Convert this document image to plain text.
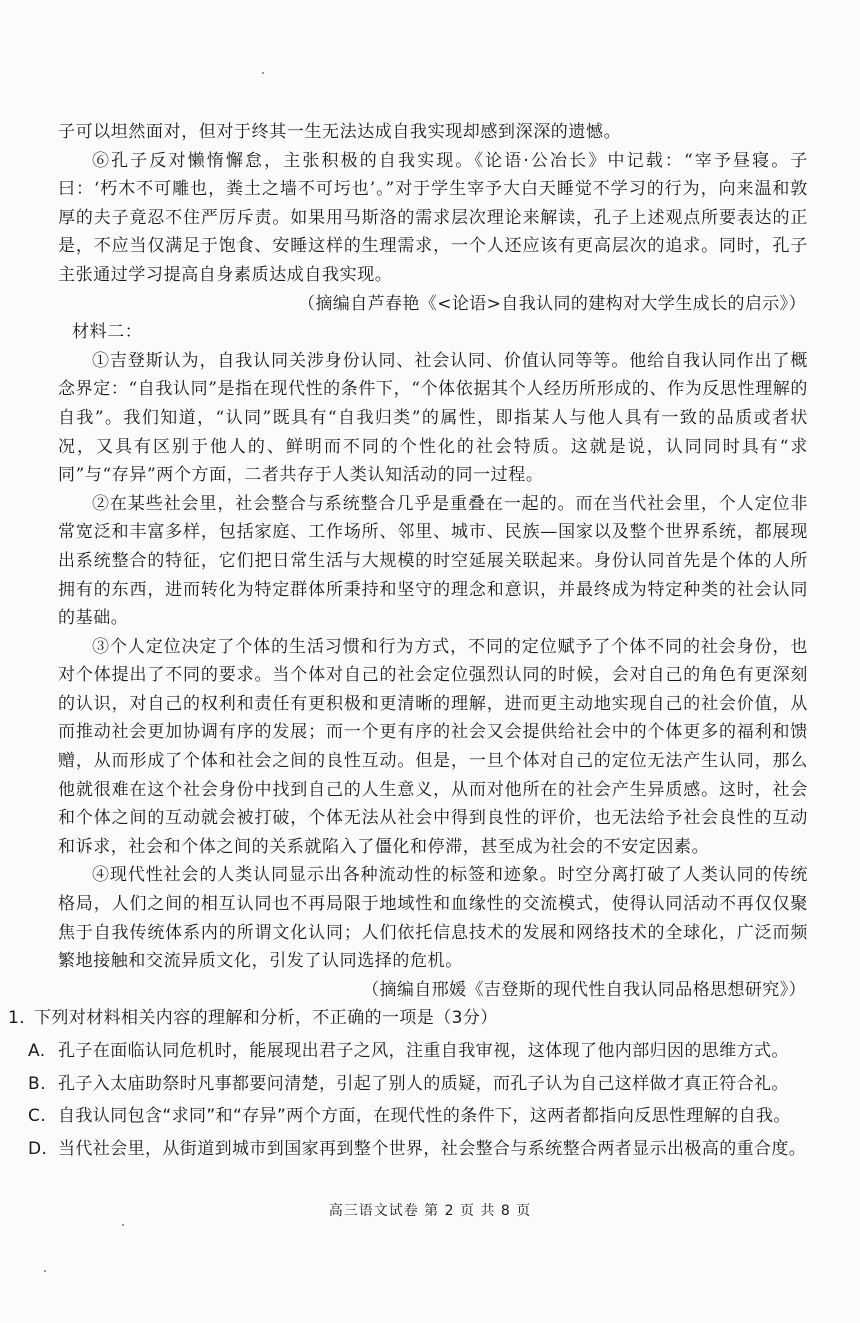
子可以坦然面对，但对于终其一生无法达成自我实现却感到深深的遗憾。

⑥孔子反对懒惰懈怠，主张积极的自我实现。《论语·公冶长》中记载：“宰予昼寝。子曰：‘朽木不可雕也，粪土之墙不可圬也’。”对于学生宰予大白天睡觉不学习的行为，向来温和敦厚的夫子竟忍不住严厉斥责。如果用马斯洛的需求层次理论来解读，孔子上述观点所要表达的正是，不应当仅满足于饱食、安睡这样的生理需求，一个人还应该有更高层次的追求。同时，孔子主张通过学习提高自身素质达成自我实现。

（摘编自芦春艳《<论语>自我认同的建构对大学生成长的启示》）

材料二：

①吉登斯认为，自我认同关涉身份认同、社会认同、价值认同等等。他给自我认同作出了概念界定：“自我认同”是指在现代性的条件下，“个体依据其个人经历所形成的、作为反思性理解的自我”。我们知道，“认同”既具有“自我归类”的属性，即指某人与他人具有一致的品质或者状况，又具有区别于他人的、鲜明而不同的个性化的社会特质。这就是说，认同同时具有“求同”与“存异”两个方面，二者共存于人类认知活动的同一过程。

②在某些社会里，社会整合与系统整合几乎是重叠在一起的。而在当代社会里，个人定位非常宽泛和丰富多样，包括家庭、工作场所、邻里、城市、民族—国家以及整个世界系统，都展现出系统整合的特征，它们把日常生活与大规模的时空延展关联起来。身份认同首先是个体的人所拥有的东西，进而转化为特定群体所秉持和坚守的理念和意识，并最终成为特定种类的社会认同的基础。

③个人定位决定了个体的生活习惯和行为方式，不同的定位赋予了个体不同的社会身份，也对个体提出了不同的要求。当个体对自己的社会定位强烈认同的时候，会对自己的角色有更深刻的认识，对自己的权利和责任有更积极和更清晰的理解，进而更主动地实现自己的社会价值，从而推动社会更加协调有序的发展；而一个更有序的社会又会提供给社会中的个体更多的福利和馈赠，从而形成了个体和社会之间的良性互动。但是，一旦个体对自己的定位无法产生认同，那么他就很难在这个社会身份中找到自己的人生意义，从而对他所在的社会产生异质感。这时，社会和个体之间的互动就会被打破，个体无法从社会中得到良性的评价，也无法给予社会良性的互动和诉求，社会和个体之间的关系就陷入了僵化和停滞，甚至成为社会的不安定因素。

④现代性社会的人类认同显示出各种流动性的标签和迹象。时空分离打破了人类认同的传统格局，人们之间的相互认同也不再局限于地域性和血缘性的交流模式，使得认同活动不再仅仅聚焦于自我传统体系内的所谓文化认同；人们依托信息技术的发展和网络技术的全球化，广泛而频繁地接触和交流异质文化，引发了认同选择的危机。

（摘编自邢媛《吉登斯的现代性自我认同品格思想研究》）

1. 下列对材料相关内容的理解和分析，不正确的一项是（3分）

A. 孔子在面临认同危机时，能展现出君子之风，注重自我审视，这体现了他内部归因的思维方式。
B. 孔子入太庙助祭时凡事都要问清楚，引起了别人的质疑，而孔子认为自己这样做才真正符合礼。
C. 自我认同包含“求同”和“存异”两个方面，在现代性的条件下，这两者都指向反思性理解的自我。
D. 当代社会里，从街道到城市到国家再到整个世界，社会整合与系统整合两者显示出极高的重合度。
高三语文试卷 第 2 页 共 8 页
